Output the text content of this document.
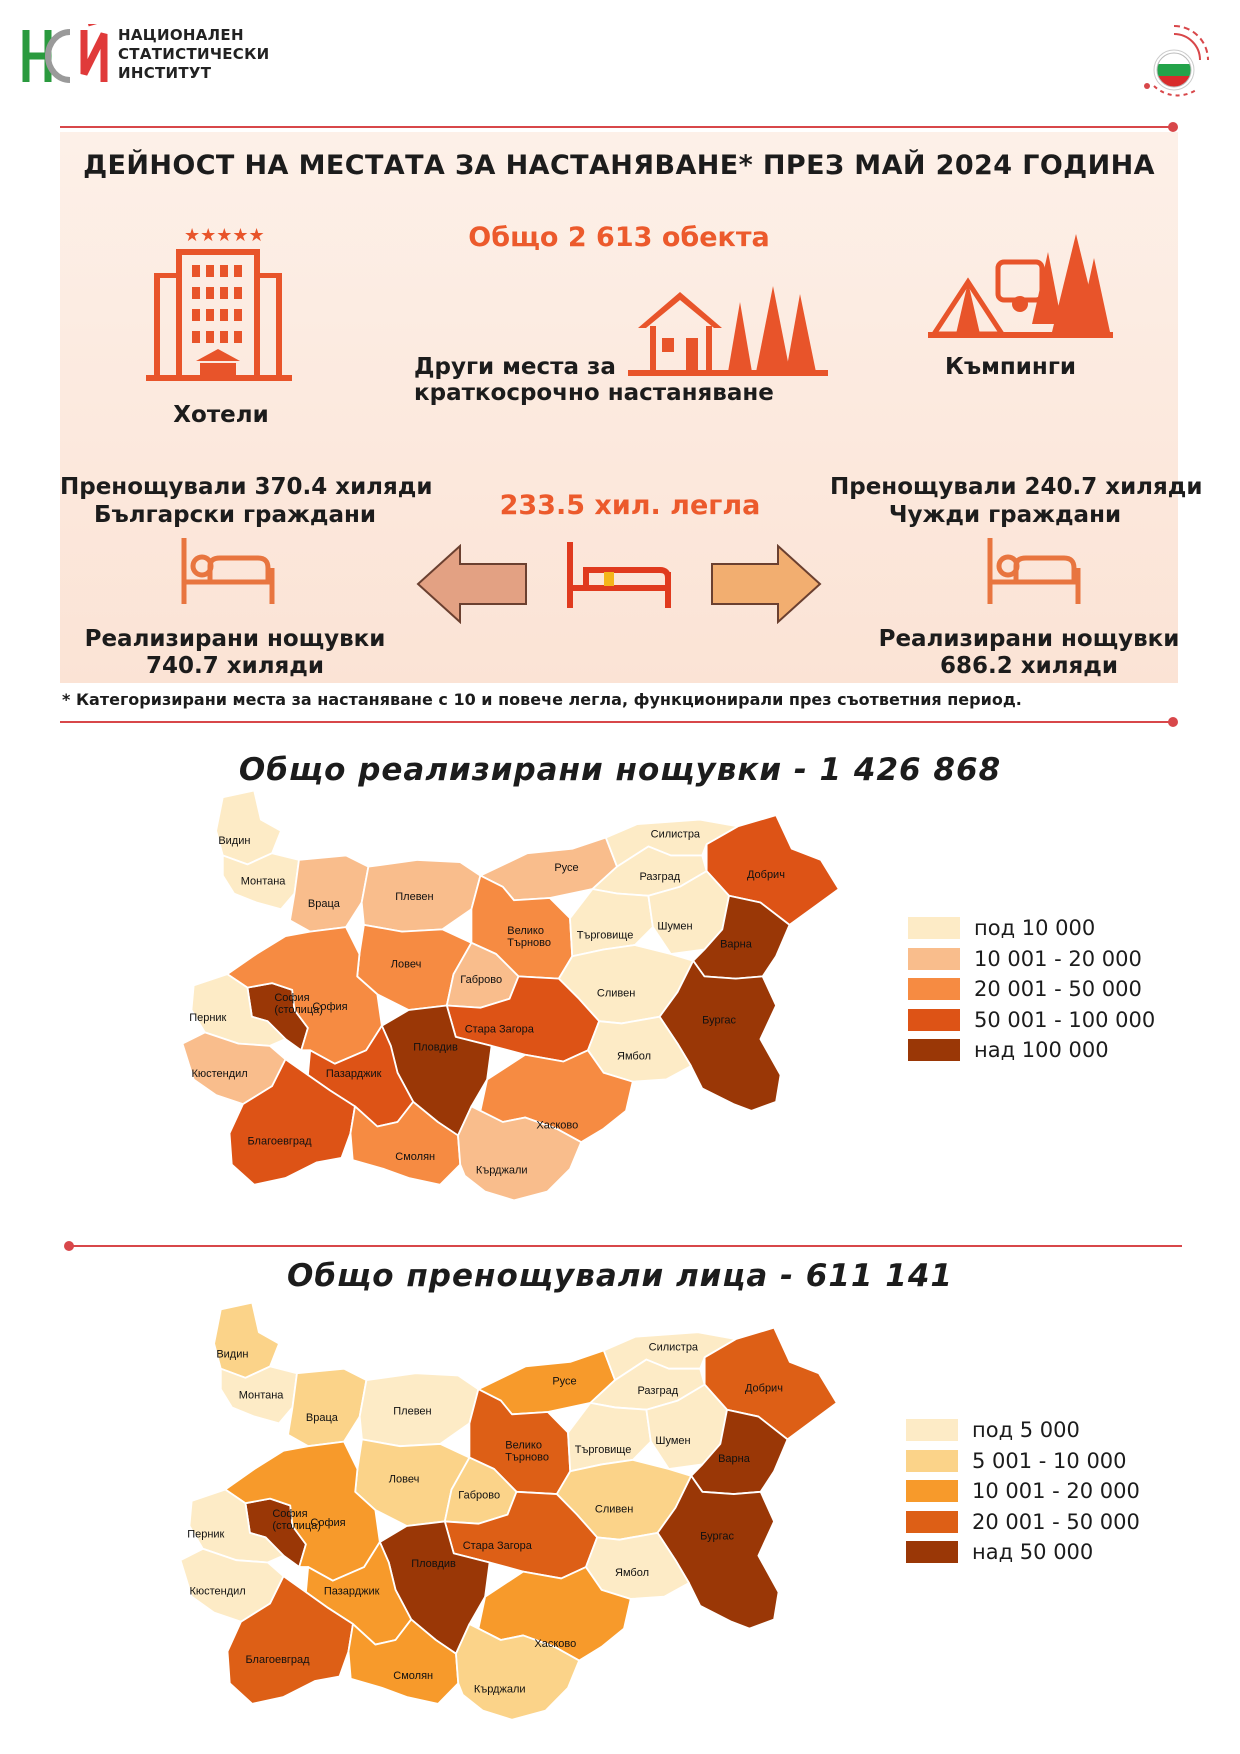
НАЦИОНАЛЕН
СТАТИСТИЧЕСКИ
ИНСТИТУТ
ДЕЙНОСТ НА МЕСТАТА ЗА НАСТАНЯВАНЕ* ПРЕЗ МАЙ 2024 ГОДИНА
Общо 2 613 обекта
★★★★★
Хотели
Други места за
краткосрочно настаняване
Къмпинги
Пренощували 370.4 хиляди
Български граждани
Реализирани нощувки
740.7 хиляди
233.5 хил. легла
Пренощували 240.7 хиляди
Чужди граждани
Реализирани нощувки
686.2 хиляди
* Категоризирани места за настаняване с 10 и повече легла, функционирали през съответния период.
Общо реализирани нощувки - 1 426 868
Видин
Монтана
Враца
Плевен
Русе
Силистра
Добрич
Разград
Велико Търново
Търговище
Шумен
Варна
Ловеч
Габрово
София (столица)
София
Перник
Кюстендил
Сливен
Бургас
Стара Загора
Ямбол
Пловдив
Пазарджик
Благоевград
Смолян
Хасково
Кърджали
под 10 000
10 001 - 20 000
20 001 - 50 000
50 001 - 100 000
над 100 000
Общо пренощували лица - 611 141
Видин
Монтана
Враца
Плевен
Русе
Силистра
Добрич
Разград
Велико Търново
Търговище
Шумен
Варна
Ловеч
Габрово
София (столица)
София
Перник
Кюстендил
Сливен
Бургас
Стара Загора
Ямбол
Пловдив
Пазарджик
Благоевград
Смолян
Хасково
Кърджали
под 5 000
5 001 - 10 000
10 001 - 20 000
20 001 - 50 000
над 50 000
